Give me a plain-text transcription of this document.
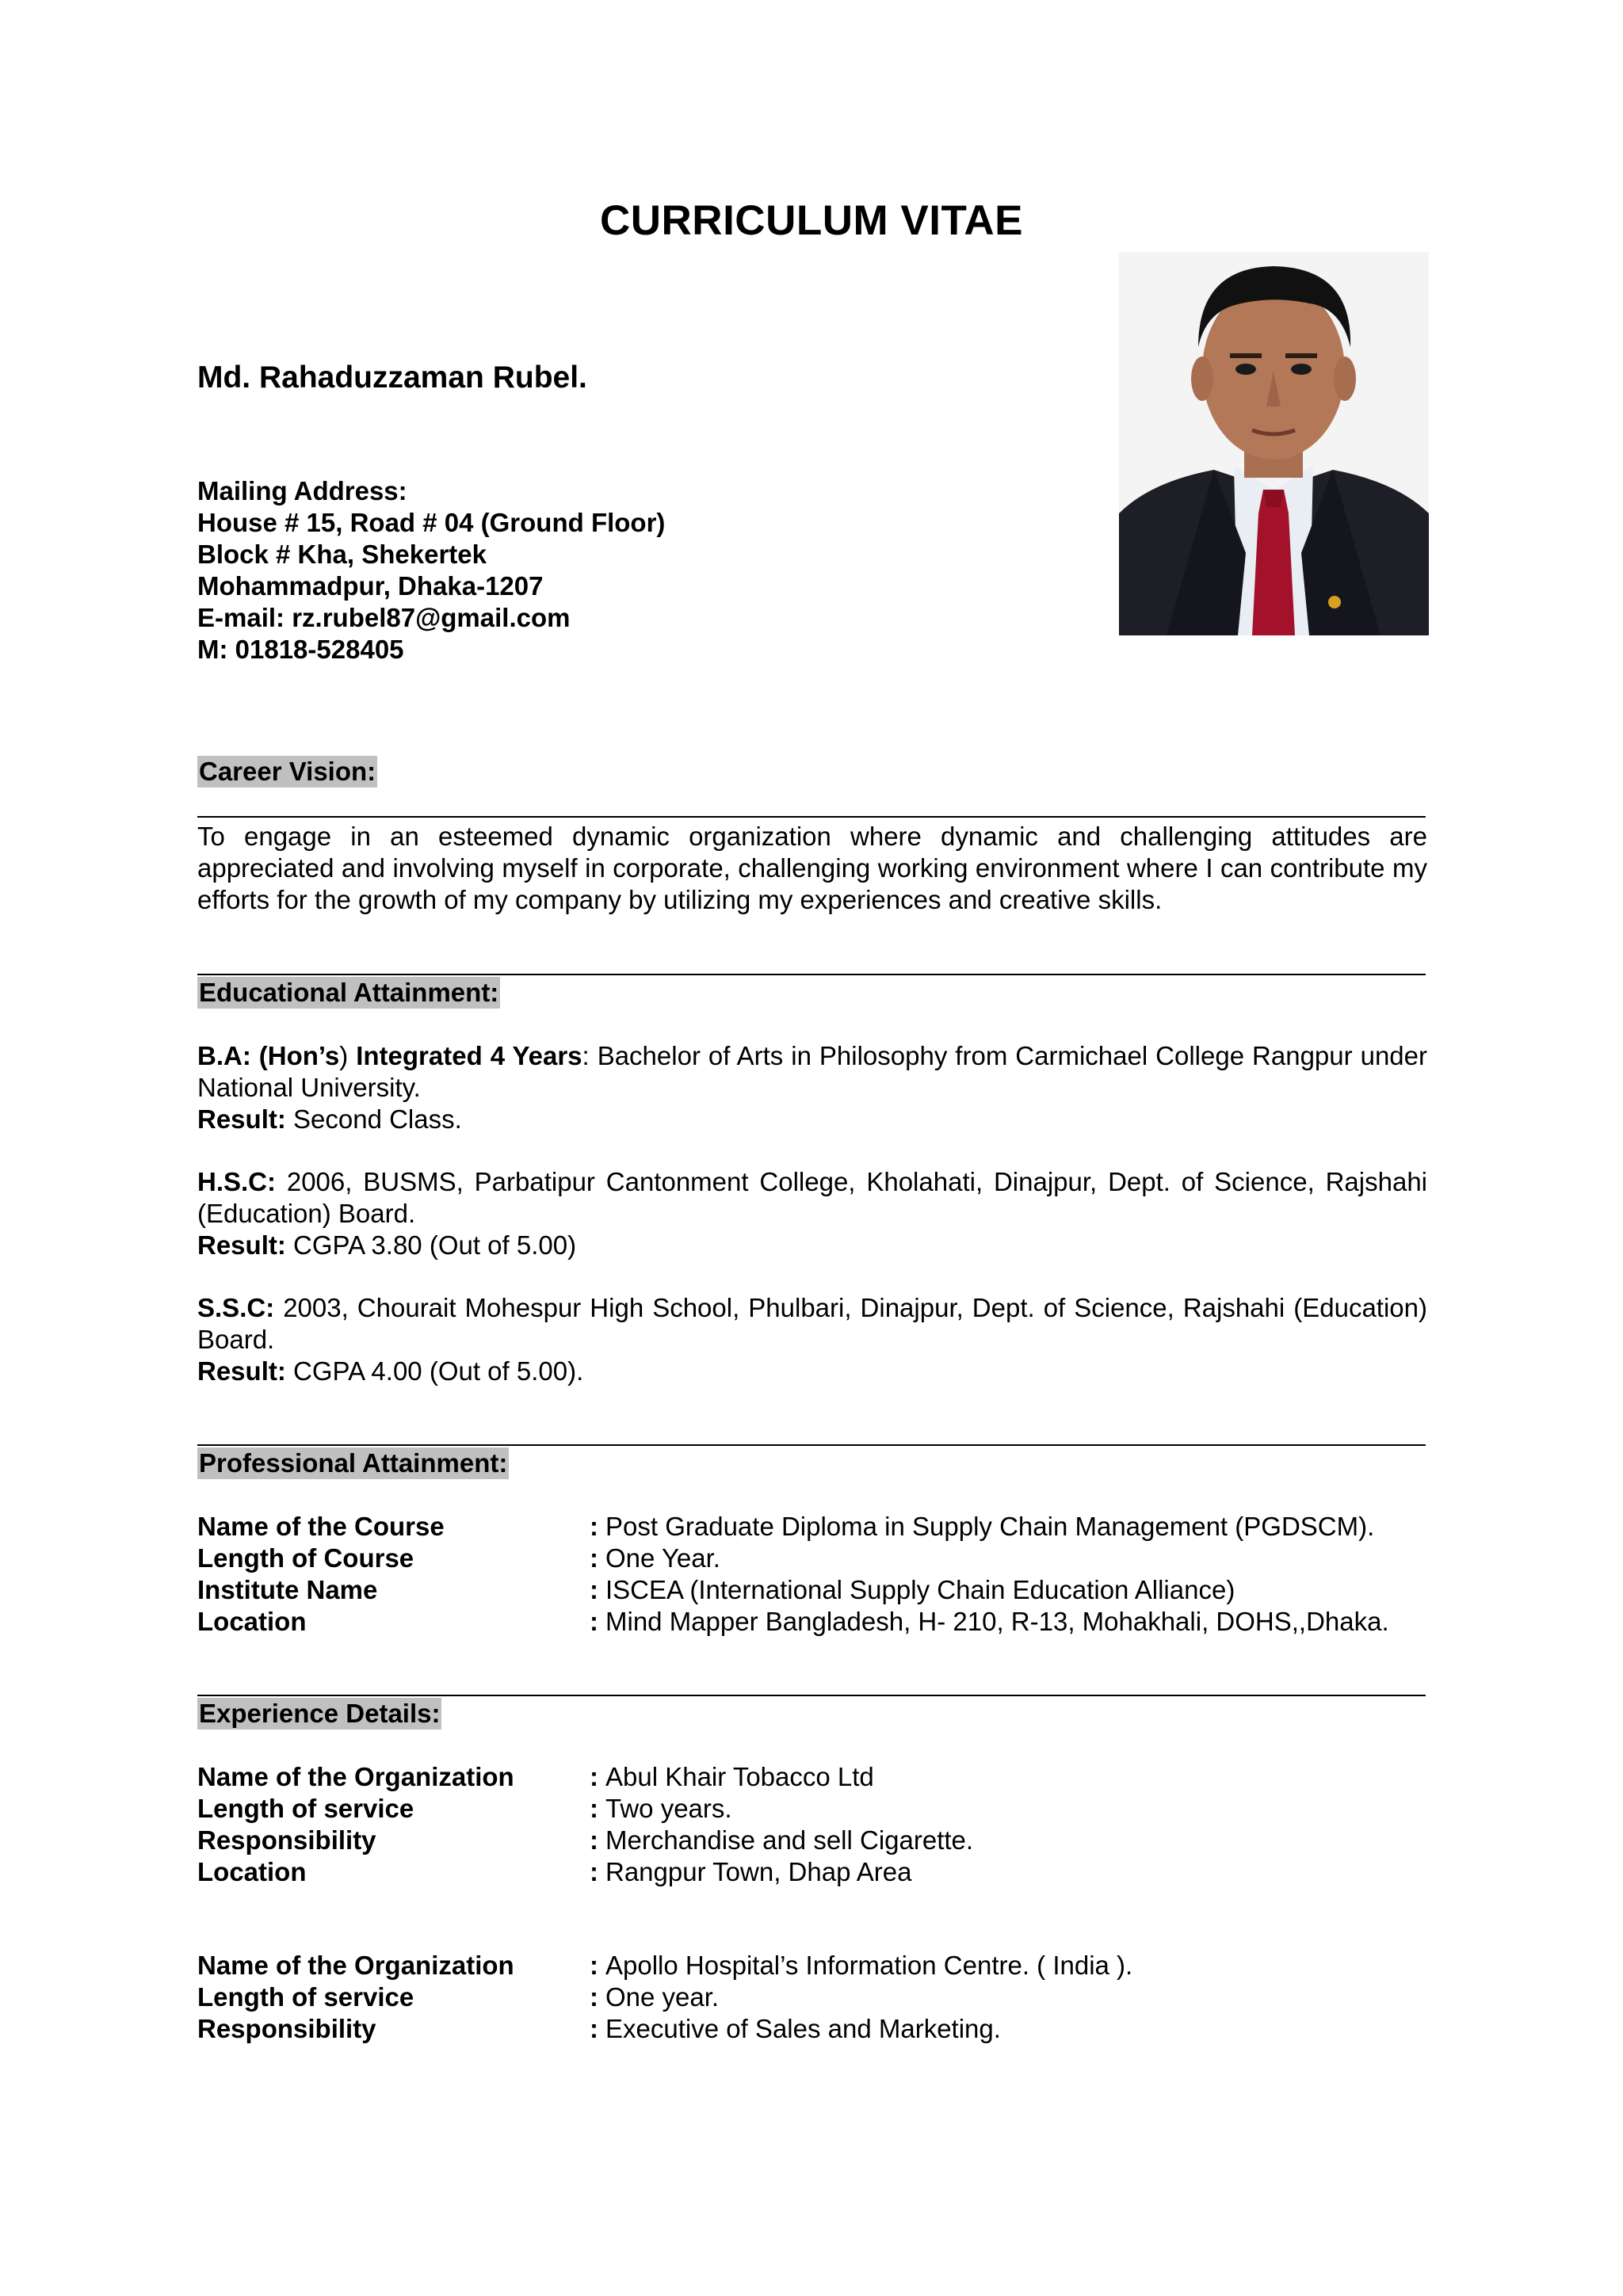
CURRICULUM VITAE
Md. Rahaduzzaman Rubel.
Mailing Address:
House # 15, Road # 04 (Ground Floor)
Block # Kha, Shekertek
Mohammadpur, Dhaka-1207
E-mail: rz.rubel87@gmail.com
M: 01818-528405
Career Vision:
To engage in an esteemed dynamic organization where dynamic and challenging attitudes are appreciated and involving myself in corporate, challenging working environment where I can contribute my efforts for the growth of my company by utilizing my experiences and creative skills.
Educational Attainment:
B.A: (Hon’s) Integrated 4 Years: Bachelor of Arts in Philosophy from Carmichael College Rangpur under National University.
Result: Second Class.
H.S.C: 2006, BUSMS, Parbatipur Cantonment College, Kholahati, Dinajpur, Dept. of Science, Rajshahi (Education) Board.
Result: CGPA 3.80 (Out of 5.00)
S.S.C: 2003, Chourait Mohespur High School, Phulbari, Dinajpur, Dept. of Science, Rajshahi (Education) Board.
Result: CGPA 4.00 (Out of 5.00).
Professional Attainment:
Name of the Course	: Post Graduate Diploma in Supply Chain Management (PGDSCM).
Length of Course	: One Year.
Institute Name	: ISCEA (International Supply Chain Education Alliance)
Location	: Mind Mapper Bangladesh, H- 210, R-13, Mohakhali, DOHS,,Dhaka.
Experience Details:
Name of the Organization	: Abul Khair Tobacco Ltd
Length of service	: Two years.
Responsibility	: Merchandise and sell Cigarette.
Location	: Rangpur Town, Dhap Area
Name of the Organization	: Apollo Hospital’s Information Centre. ( India ).
Length of service	: One year.
Responsibility	: Executive of Sales and Marketing.
